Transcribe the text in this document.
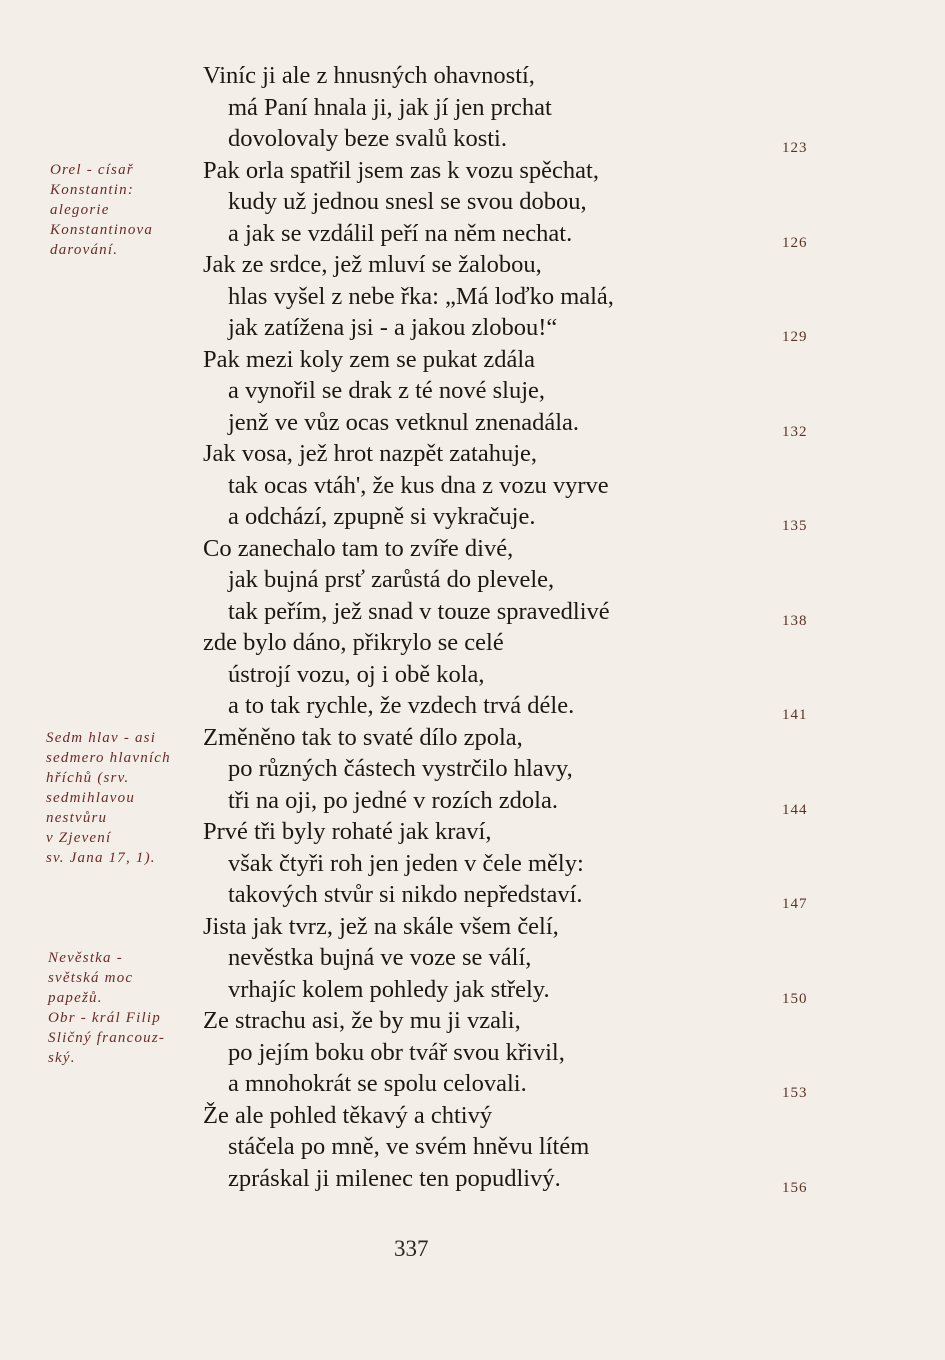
Orel - císař
Konstantin:
alegorie
Konstantinova
darování.
Sedm hlav - asi
sedmero hlavních
hříchů (srv.
sedmihlavou
nestvůru
v Zjevení
sv. Jana 17, 1).
Nevěstka -
světská moc
papežů.
Obr - král Filip
Sličný francouz-
ský.
Viníc ji ale z hnusných ohavností,
má Paní hnala ji, jak jí jen prchat
dovolovaly beze svalů kosti.
Pak orla spatřil jsem zas k vozu spěchat,
kudy už jednou snesl se svou dobou,
a jak se vzdálil peří na něm nechat.
Jak ze srdce, jež mluví se žalobou,
hlas vyšel z nebe řka: „Má loďko malá,
jak zatížena jsi - a jakou zlobou!“
Pak mezi koly zem se pukat zdála
a vynořil se drak z té nové sluje,
jenž ve vůz ocas vetknul znenadála.
Jak vosa, jež hrot nazpět zatahuje,
tak ocas vtáh', že kus dna z vozu vyrve
a odchází, zpupně si vykračuje.
Co zanechalo tam to zvíře divé,
jak bujná prsť zarůstá do plevele,
tak peřím, jež snad v touze spravedlivé
zde bylo dáno, přikrylo se celé
ústrojí vozu, oj i obě kola,
a to tak rychle, že vzdech trvá déle.
Změněno tak to svaté dílo zpola,
po různých částech vystrčilo hlavy,
tři na oji, po jedné v rozích zdola.
Prvé tři byly rohaté jak kraví,
však čtyři roh jen jeden v čele měly:
takových stvůr si nikdo nepředstaví.
Jista jak tvrz, jež na skále všem čelí,
nevěstka bujná ve voze se válí,
vrhajíc kolem pohledy jak střely.
Ze strachu asi, že by mu ji vzali,
po jejím boku obr tvář svou křivil,
a mnohokrát se spolu celovali.
Že ale pohled těkavý a chtivý
stáčela po mně, ve svém hněvu lítém
zpráskal ji milenec ten popudlivý.
123
126
129
132
135
138
141
144
147
150
153
156
337
